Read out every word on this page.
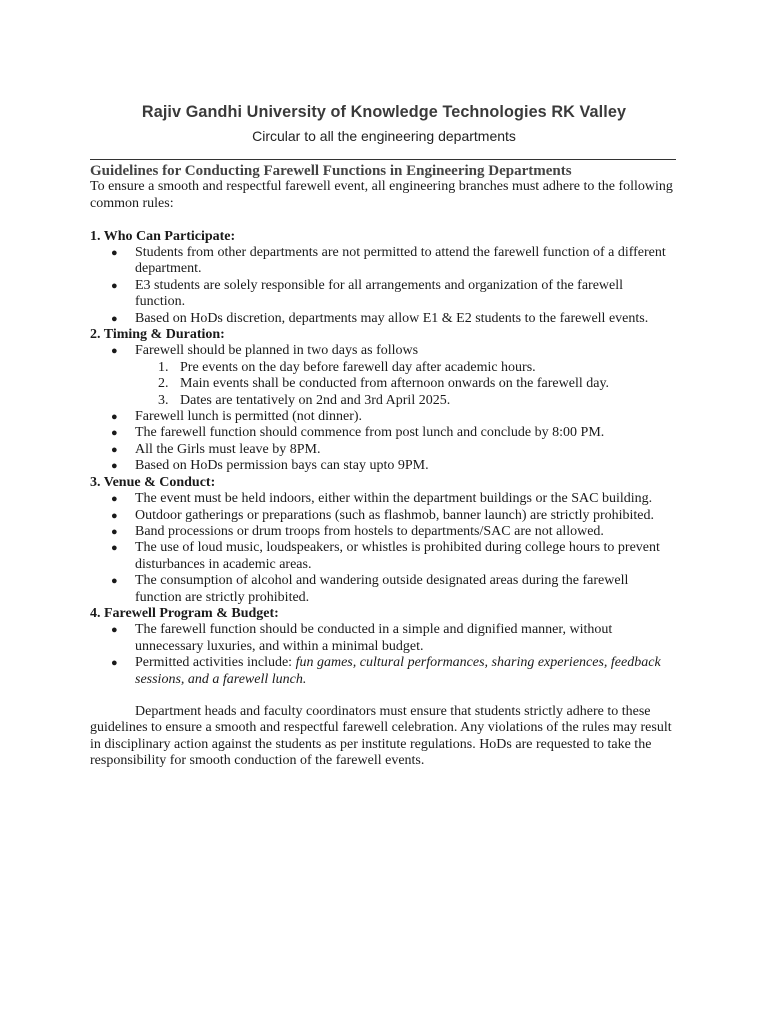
Rajiv Gandhi University of Knowledge Technologies RK Valley
Circular to all the engineering departments

Guidelines for Conducting Farewell Functions in Engineering Departments

To ensure a smooth and respectful farewell event, all engineering branches must adhere to the following common rules:

1. Who Can Participate:
● Students from other departments are not permitted to attend the farewell function of a different department.
● E3 students are solely responsible for all arrangements and organization of the farewell function.
● Based on HoDs discretion, departments may allow E1 & E2 students to the farewell events.
2. Timing & Duration:
● Farewell should be planned in two days as follows
1. Pre events on the day before farewell day after academic hours.
2. Main events shall be conducted from afternoon onwards on the farewell day.
3. Dates are tentatively on 2nd and 3rd April 2025.
● Farewell lunch is permitted (not dinner).
● The farewell function should commence from post lunch and conclude by 8:00 PM.
● All the Girls must leave by 8PM.
● Based on HoDs permission bays can stay upto 9PM.
3. Venue & Conduct:
● The event must be held indoors, either within the department buildings or the SAC building.
● Outdoor gatherings or preparations (such as flashmob, banner launch) are strictly prohibited.
● Band processions or drum troops from hostels to departments/SAC are not allowed.
● The use of loud music, loudspeakers, or whistles is prohibited during college hours to prevent disturbances in academic areas.
● The consumption of alcohol and wandering outside designated areas during the farewell function are strictly prohibited.
4. Farewell Program & Budget:
● The farewell function should be conducted in a simple and dignified manner, without unnecessary luxuries, and within a minimal budget.
● Permitted activities include: fun games, cultural performances, sharing experiences, feedback sessions, and a farewell lunch.

Department heads and faculty coordinators must ensure that students strictly adhere to these guidelines to ensure a smooth and respectful farewell celebration. Any violations of the rules may result in disciplinary action against the students as per institute regulations. HoDs are requested to take the responsibility for smooth conduction of the farewell events.
